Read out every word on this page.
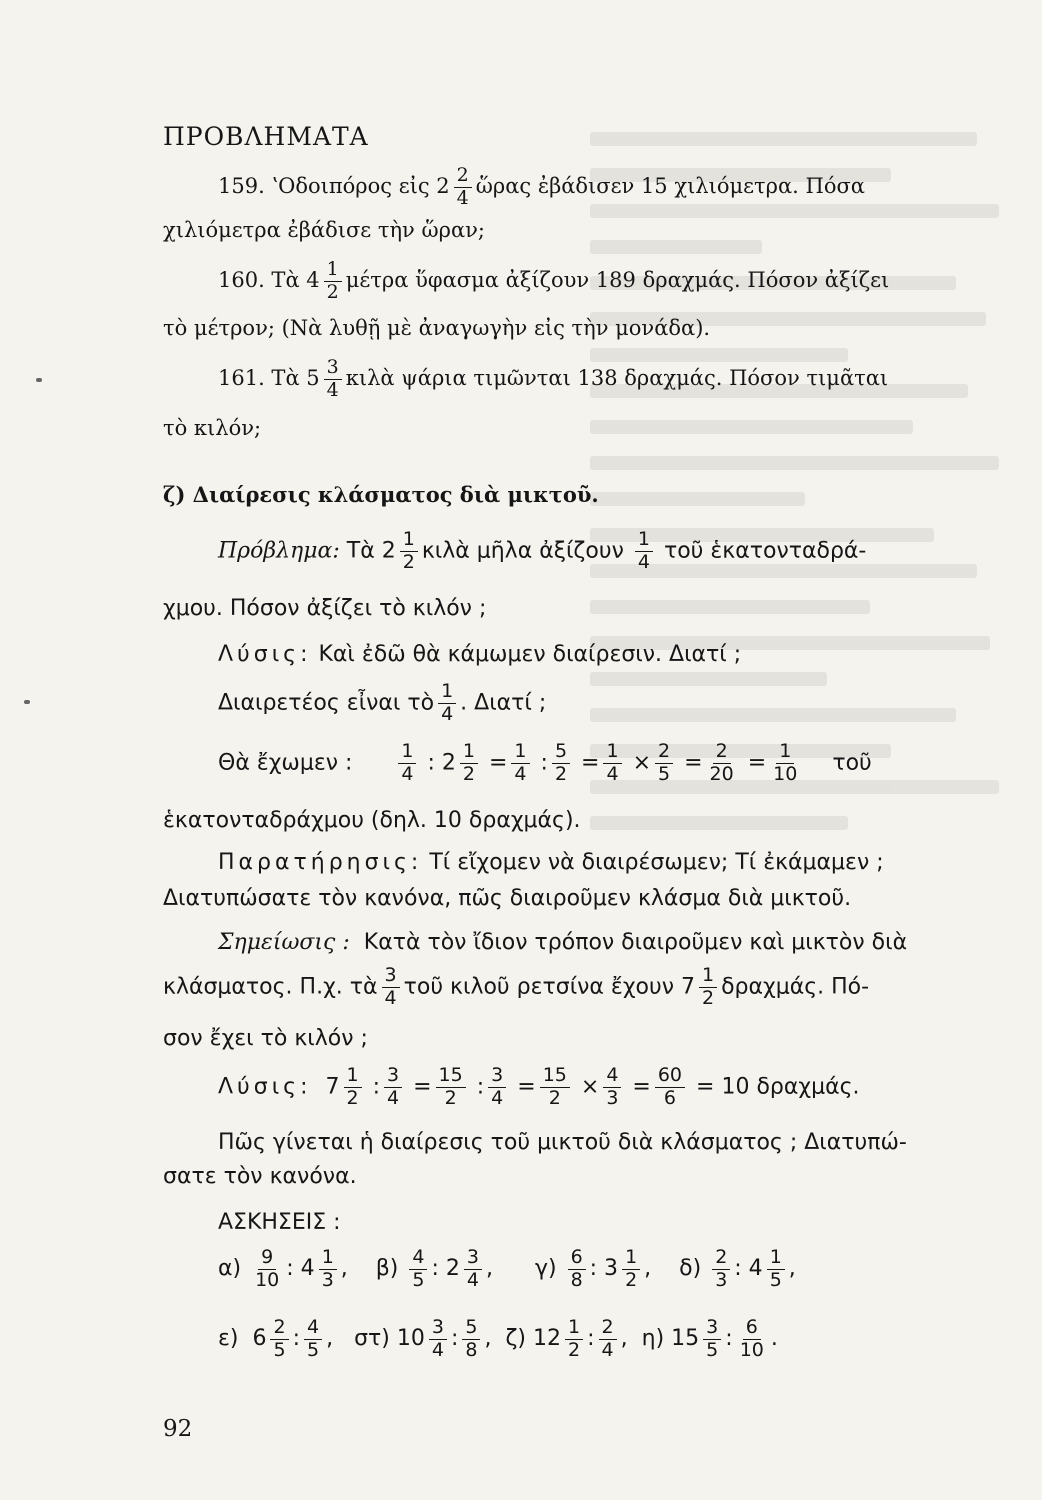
ΠΡΟΒΛΗΜΑΤΑ
159. ʽΟδοιπόρος εἰς $2 \frac{2}{4}$ ὥρας ἐβάδισεν 15 χιλιόμετρα. Πόσα
χιλιόμετρα ἐβάδισε τὴν ὥραν;
160. Τὰ $4 \frac{1}{2}$ μέτρα ὕφασμα ἀξίζουν 189 δραχμάς. Πόσον ἀξίζει
τὸ μέτρον; (Νὰ λυθῇ μὲ ἀναγωγὴν εἰς τὴν μονάδα).
161. Τὰ $5 \frac{3}{4}$ κιλὰ ψάρια τιμῶνται 138 δραχμάς. Πόσον τιμᾶται
τὸ κιλόν;
ζ) Διαίρεσις κλάσματος διὰ μικτοῦ.
Πρόβλημα: Τὰ $2 \frac{1}{2}$ κιλὰ μῆλα ἀξίζουν $\frac{1}{4}$ τοῦ ἑκατονταδρά-
χμου. Πόσον ἀξίζει τὸ κιλόν ;
Λύσις: Καὶ ἐδῶ θὰ κάμωμεν διαίρεσιν. Διατί ;
Διαιρετέος εἶναι τὸ $\frac{1}{4}$ . Διατί ;
Θὰ ἔχωμεν : $\frac{1}{4}$ : $2 \frac{1}{2} = \frac{1}{4}$ : $\frac{5}{2} = \frac{1}{4} \times \frac{2}{5} = \frac{2}{20} = \frac{1}{10}$ τοῦ
ἑκατονταδράχμου (δηλ. 10 δραχμάς).
Παρατήρησις: Τί εἴχομεν νὰ διαιρέσωμεν; Τί ἐκάμαμεν ;
Διατυπώσατε τὸν κανόνα, πῶς διαιροῦμεν κλάσμα διὰ μικτοῦ.
Σημείωσις : Κατὰ τὸν ἴδιον τρόπον διαιροῦμεν καὶ μικτὸν διὰ
κλάσματος. Π.χ. τὰ $\frac{3}{4}$ τοῦ κιλοῦ ρετσίνα ἔχουν $7 \frac{1}{2} \delta\rho\alpha\chi\mu ά\varsigma$. Πό-
σον ἔχει τὸ κιλόν ;
Λύσις: $7 \frac{1}{2}$ : $\frac{3}{4} = \frac{15}{2}$ : $\frac{3}{4} = \frac{15}{2} \times \frac{4}{3} = \frac{60}{6} = 10$ δραχμάς.
Πῶς γίνεται ἡ διαίρεσις τοῦ μικτοῦ διὰ κλάσματος ; Διατυπώ-
σατε τὸν κανόνα.
ΑΣΚΗΣΕΙΣ :
$\alpha) \frac{9}{10}$ : $4 \frac{1}{3}$ , $\beta) \frac{4}{5}$ : $2 \frac{3}{4}$ , $\gamma) \frac{6}{8}$ : $3 \frac{1}{2}$ , $\delta) \frac{2}{3}$ : $4 \frac{1}{5}$ ,
ε) $6 \frac{2}{5}$ : $\frac{4}{5}$ , στ) $10 \frac{3}{4}$ : $\frac{5}{8}$ , ζ) $12 \frac{1}{2}$ : $\frac{2}{4}$ , η) $15 \frac{3}{5}$ : $\frac{6}{10}$ .
92
